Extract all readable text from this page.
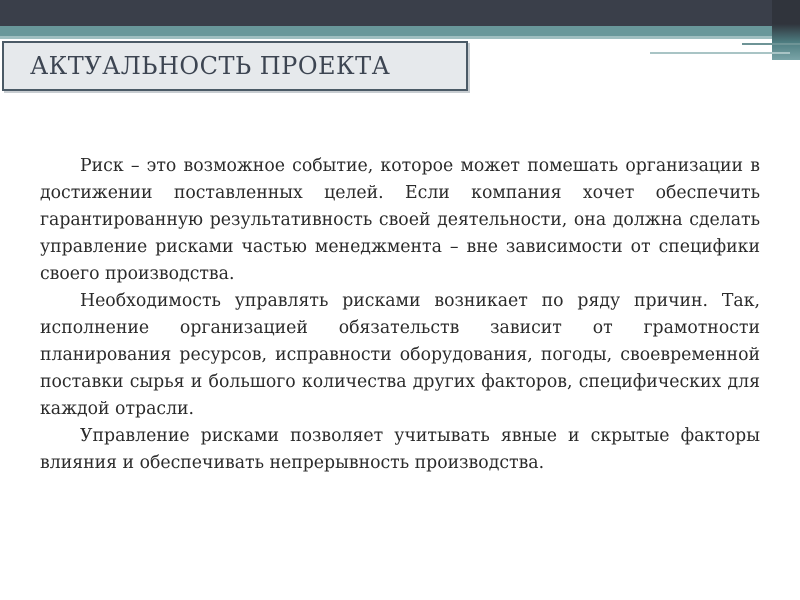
АКТУАЛЬНОСТЬ ПРОЕКТА

Риск – это возможное событие, которое может помешать организации в достижении поставленных целей. Если компания хочет обеспечить гарантированную результативность своей деятельности, она должна сделать управление рисками частью менеджмента – вне зависимости от специфики своего производства.

Необходимость управлять рисками возникает по ряду причин. Так, исполнение организацией обязательств зависит от грамотности планирования ресурсов, исправности оборудования, погоды, своевременной поставки сырья и большого количества других факторов, специфических для каждой отрасли.

Управление рисками позволяет учитывать явные и скрытые факторы влияния и обеспечивать непрерывность производства.
